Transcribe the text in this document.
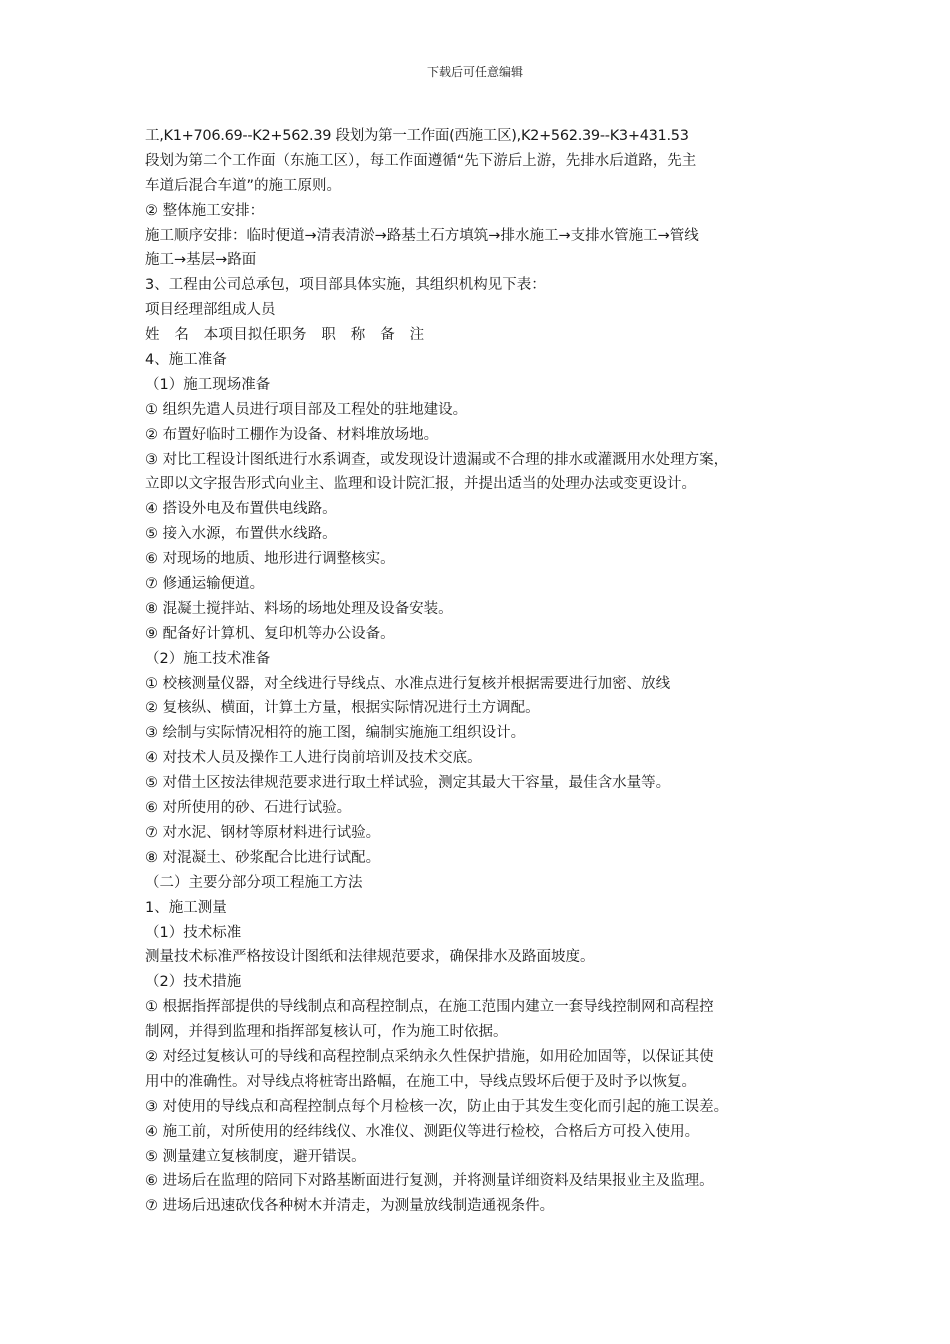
下载后可任意编辑
工,K1+706.69--K2+562.39 段划为第一工作面(西施工区),K2+562.39--K3+431.53
段划为第二个工作面（东施工区），每工作面遵循“先下游后上游，先排水后道路，先主
车道后混合车道”的施工原则。
② 整体施工安排：
施工顺序安排：临时便道→清表清淤→路基土石方填筑→排水施工→支排水管施工→管线
施工→基层→路面
3、工程由公司总承包，项目部具体实施，其组织机构见下表：
项目经理部组成人员
姓　名　本项目拟任职务　职　称　备　注
4、施工准备
（1）施工现场准备
① 组织先遣人员进行项目部及工程处的驻地建设。
② 布置好临时工棚作为设备、材料堆放场地。
③ 对比工程设计图纸进行水系调查，或发现设计遗漏或不合理的排水或灌溉用水处理方案，
立即以文字报告形式向业主、监理和设计院汇报，并提出适当的处理办法或变更设计。
④ 搭设外电及布置供电线路。
⑤ 接入水源，布置供水线路。
⑥ 对现场的地质、地形进行调整核实。
⑦ 修通运输便道。
⑧ 混凝土搅拌站、料场的场地处理及设备安装。
⑨ 配备好计算机、复印机等办公设备。
（2）施工技术准备
① 校核测量仪器，对全线进行导线点、水准点进行复核并根据需要进行加密、放线
② 复核纵、横面，计算土方量，根据实际情况进行土方调配。
③ 绘制与实际情况相符的施工图，编制实施施工组织设计。
④ 对技术人员及操作工人进行岗前培训及技术交底。
⑤ 对借土区按法律规范要求进行取土样试验，测定其最大干容量，最佳含水量等。
⑥ 对所使用的砂、石进行试验。
⑦ 对水泥、钢材等原材料进行试验。
⑧ 对混凝土、砂浆配合比进行试配。
（二）主要分部分项工程施工方法
1、施工测量
（1）技术标准
测量技术标准严格按设计图纸和法律规范要求，确保排水及路面坡度。
（2）技术措施
① 根据指挥部提供的导线制点和高程控制点，在施工范围内建立一套导线控制网和高程控
制网，并得到监理和指挥部复核认可，作为施工时依据。
② 对经过复核认可的导线和高程控制点采纳永久性保护措施，如用砼加固等，以保证其使
用中的准确性。对导线点将桩寄出路幅，在施工中，导线点毁坏后便于及时予以恢复。
③ 对使用的导线点和高程控制点每个月检核一次，防止由于其发生变化而引起的施工误差。
④ 施工前，对所使用的经纬线仪、水准仪、测距仪等进行检校，合格后方可投入使用。
⑤ 测量建立复核制度，避开错误。
⑥ 进场后在监理的陪同下对路基断面进行复测，并将测量详细资料及结果报业主及监理。
⑦ 进场后迅速砍伐各种树木并清走，为测量放线制造通视条件。
